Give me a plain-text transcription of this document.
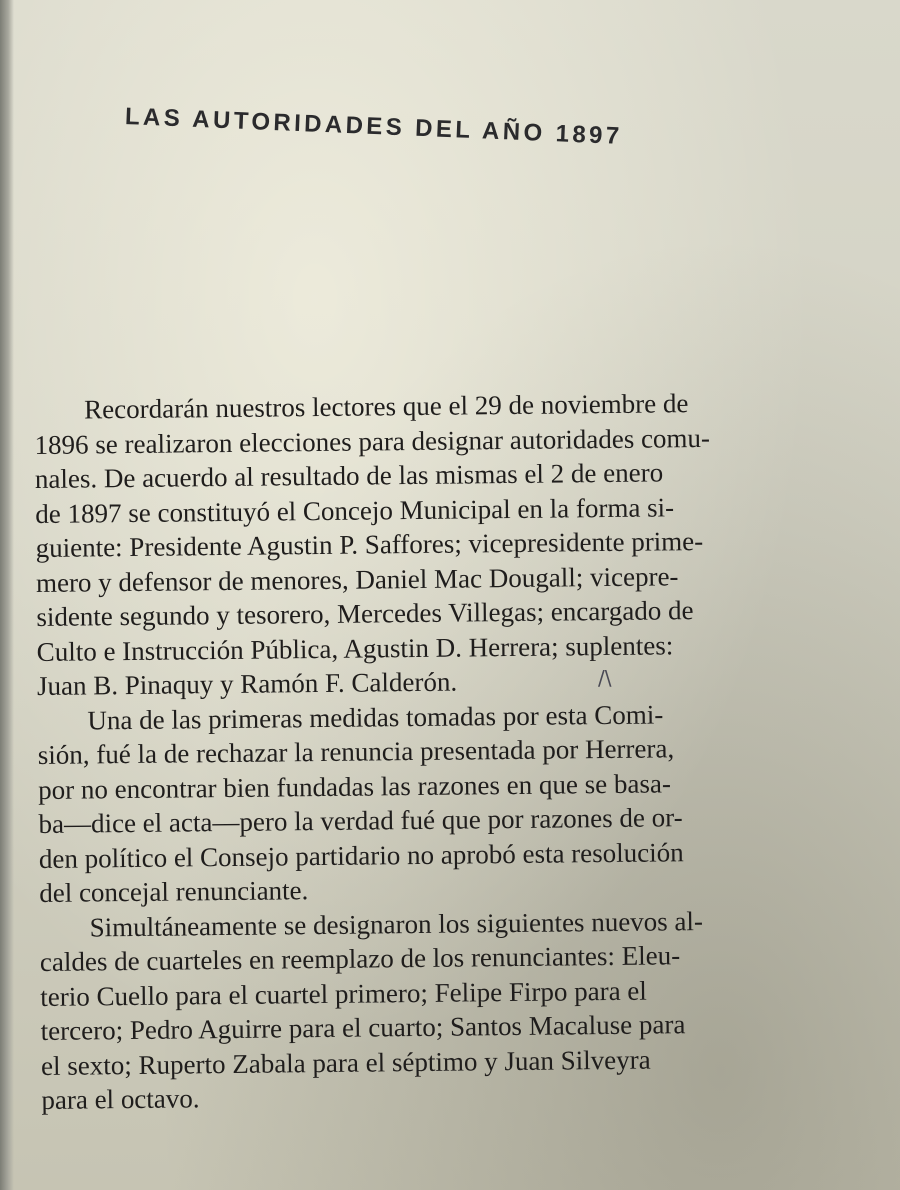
LAS AUTORIDADES DEL AÑO 1897
Recordarán nuestros lectores que el 29 de noviembre de
1896 se realizaron elecciones para designar autoridades comu-
nales. De acuerdo al resultado de las mismas el 2 de enero
de 1897 se constituyó el Concejo Municipal en la forma si-
guiente: Presidente Agustin P. Saffores; vicepresidente prime-
mero y defensor de menores, Daniel Mac Dougall; vicepre-
sidente segundo y tesorero, Mercedes Villegas; encargado de
Culto e Instrucción Pública, Agustin D. Herrera; suplentes:
Juan B. Pinaquy y Ramón F. Calderón.
Una de las primeras medidas tomadas por esta Comi-
sión, fué la de rechazar la renuncia presentada por Herrera,
por no encontrar bien fundadas las razones en que se basa-
ba—dice el acta—pero la verdad fué que por razones de or-
den político el Consejo partidario no aprobó esta resolución
del concejal renunciante.
Simultáneamente se designaron los siguientes nuevos al-
caldes de cuarteles en reemplazo de los renunciantes: Eleu-
terio Cuello para el cuartel primero; Felipe Firpo para el
tercero; Pedro Aguirre para el cuarto; Santos Macaluse para
el sexto; Ruperto Zabala para el séptimo y Juan Silveyra
para el octavo.
/\
